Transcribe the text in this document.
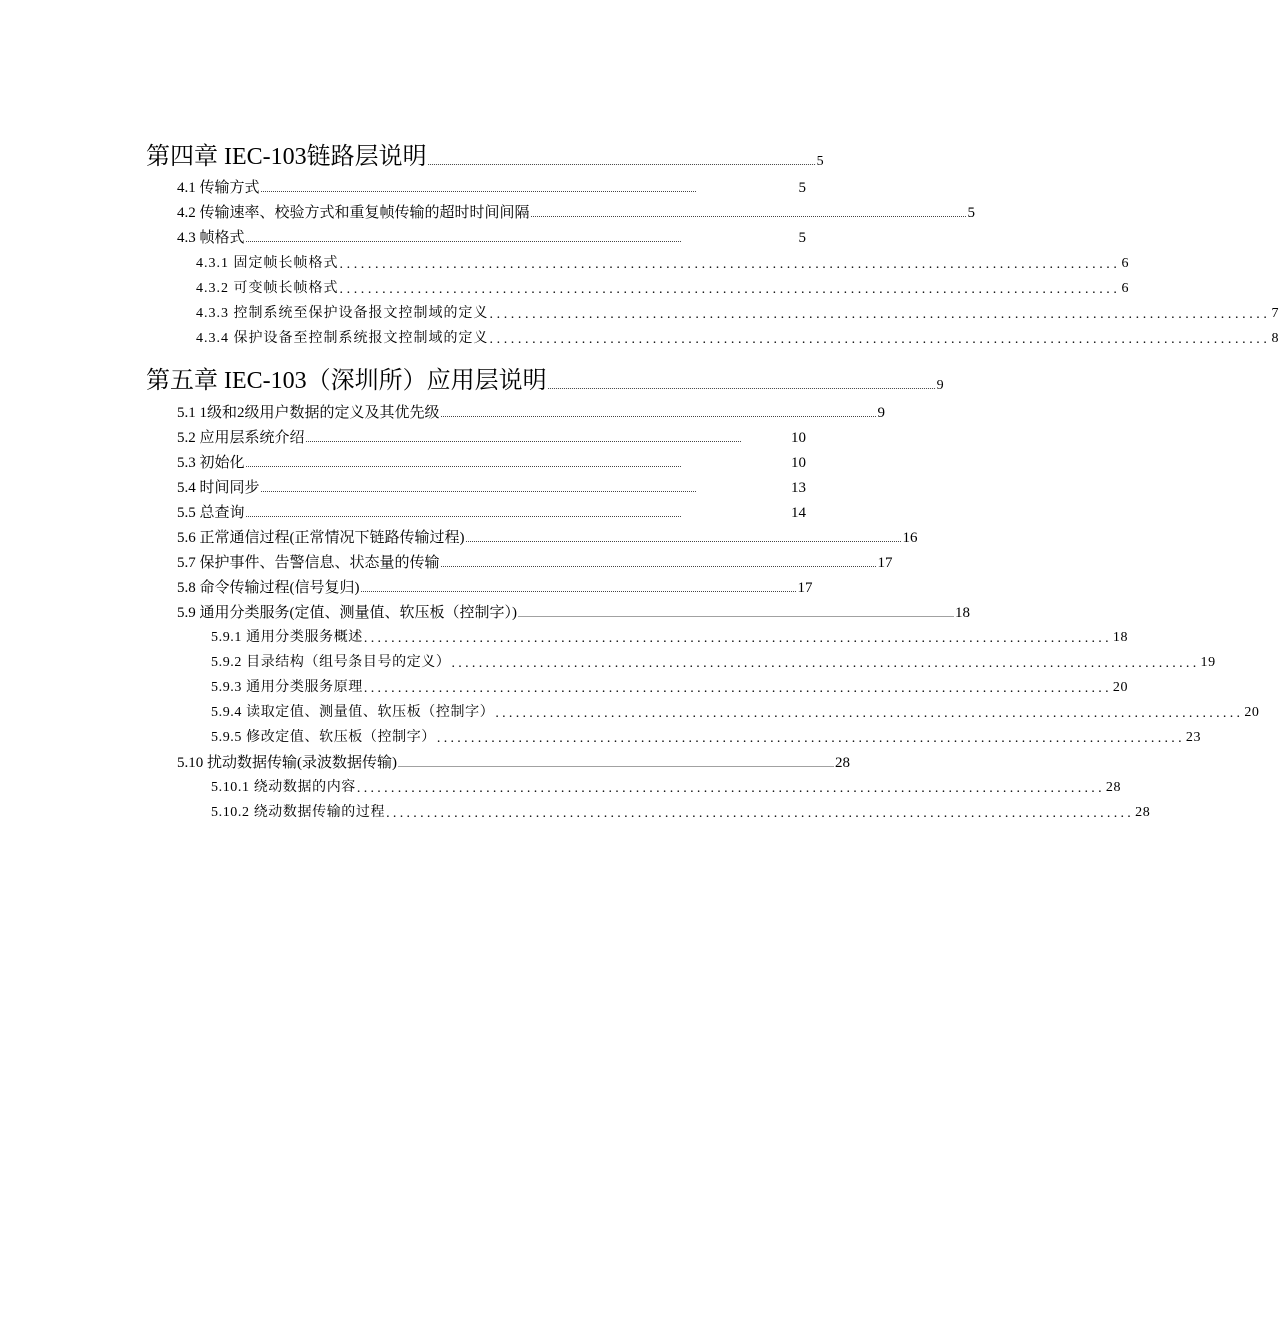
第四章 IEC-103链路层说明 .................................................................................................................................................................................................. 5
4.1 传输方式 ..........................................................................................................................................................................................................................	5
4.2 传输速率、校验方式和重复帧传输的超时时间间隔 .......................................................................................................................................................................................................................... 5
4.3 帧格式 ..........................................................................................................................................................................................................................	5
4.3.1 固定帧长帧格式 .............................................................................................................. 6
4.3.2 可变帧长帧格式 .............................................................................................................. 6
4.3.3 控制系统至保护设备报文控制域的定义 .............................................................................................................. 7
4.3.4 保护设备至控制系统报文控制域的定义 .............................................................................................................. 8
第五章 IEC-103（深圳所）应用层说明 .................................................................................................................................................................................................. 9
5.1 1级和2级用户数据的定义及其优先级 .......................................................................................................................................................................................................................... 9
5.2 应用层系统介绍 ..........................................................................................................................................................................................................................	10
5.3 初始化 ..........................................................................................................................................................................................................................	10
5.4 时间同步 ..........................................................................................................................................................................................................................	13
5.5 总查询 ..........................................................................................................................................................................................................................	14
5.6 正常通信过程(正常情况下链路传输过程) .......................................................................................................................................................................................................................... 16
5.7 保护事件、告警信息、状态量的传输 .......................................................................................................................................................................................................................... 17
5.8 命令传输过程(信号复归) .......................................................................................................................................................................................................................... 17
5.9 通用分类服务(定值、测量值、软压板（控制字）) .......................................................................................................................................................................................................................... 18
5.9.1 通用分类服务概述 .............................................................................................................. 18
5.9.2 目录结构（组号条目号的定义） .............................................................................................................. 19
5.9.3 通用分类服务原理 .............................................................................................................. 20
5.9.4 读取定值、测量值、软压板（控制字） .............................................................................................................. 20
5.9.5 修改定值、软压板（控制字） .............................................................................................................. 23
5.10 扰动数据传输(录波数据传输) .......................................................................................................................................................................................................................... 28
5.10.1 绕动数据的内容 .............................................................................................................. 28
5.10.2 绕动数据传输的过程 .............................................................................................................. 28
